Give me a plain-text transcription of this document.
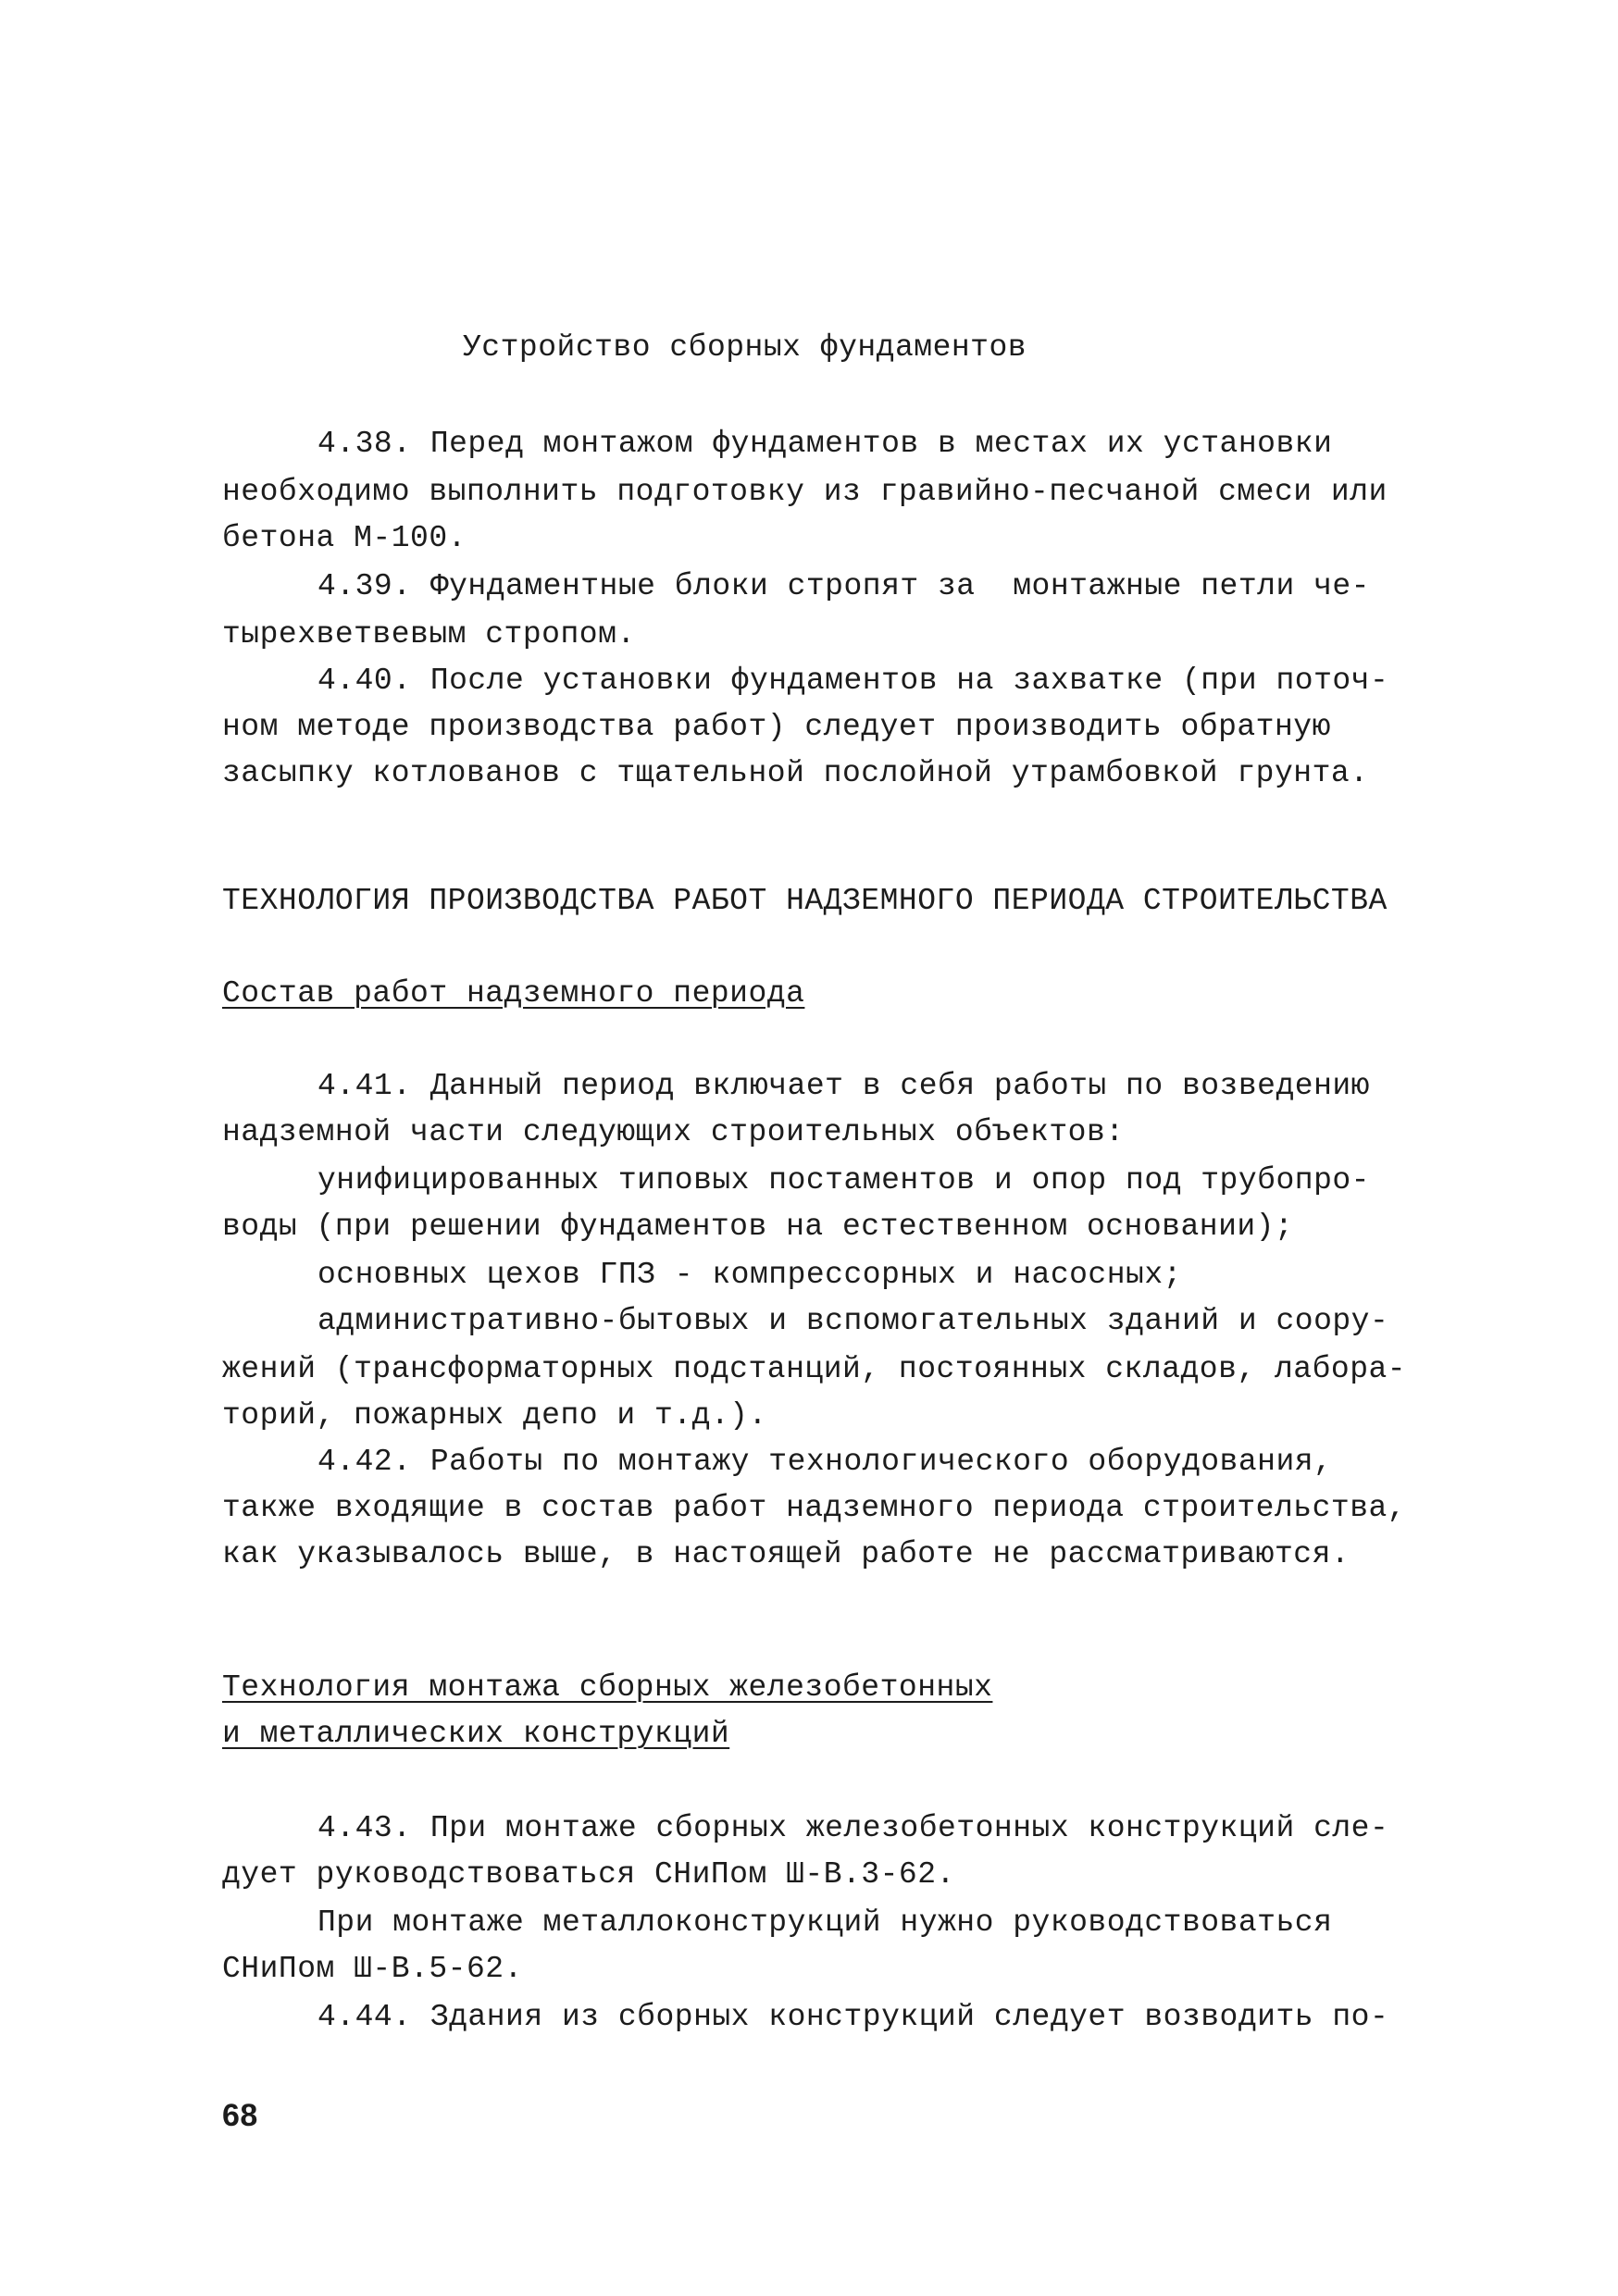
Устройство сборных фундаментов
4.38. Перед монтажом фундаментов в местах их установки
необходимо выполнить подготовку из гравийно-песчаной смеси или
бетона М-100.
4.39. Фундаментные блоки стропят за  монтажные петли че-
тырехветвевым стропом.
4.40. После установки фундаментов на захватке (при поточ-
ном методе производства работ) следует производить обратную
засыпку котлованов с тщательной послойной утрамбовкой грунта.
ТЕХНОЛОГИЯ ПРОИЗВОДСТВА РАБОТ НАДЗЕМНОГО ПЕРИОДА СТРОИТЕЛЬСТВА
Состав работ надземного периода
4.41. Данный период включает в себя работы по возведению
надземной части следующих строительных объектов:
унифицированных типовых постаментов и опор под трубопро-
воды (при решении фундаментов на естественном основании);
основных цехов ГПЗ - компрессорных и насосных;
административно-бытовых и вспомогательных зданий и соору-
жений (трансформаторных подстанций, постоянных складов, лабора-
торий, пожарных депо и т.д.).
4.42. Работы по монтажу технологического оборудования,
также входящие в состав работ надземного периода строительства,
как указывалось выше, в настоящей работе не рассматриваются.
Технология монтажа сборных железобетонных
и металлических конструкций
4.43. При монтаже сборных железобетонных конструкций сле-
дует руководствоваться СНиПом Ш-В.3-62.
При монтаже металлоконструкций нужно руководствоваться
СНиПом Ш-В.5-62.
4.44. Здания из сборных конструкций следует возводить по-
68
